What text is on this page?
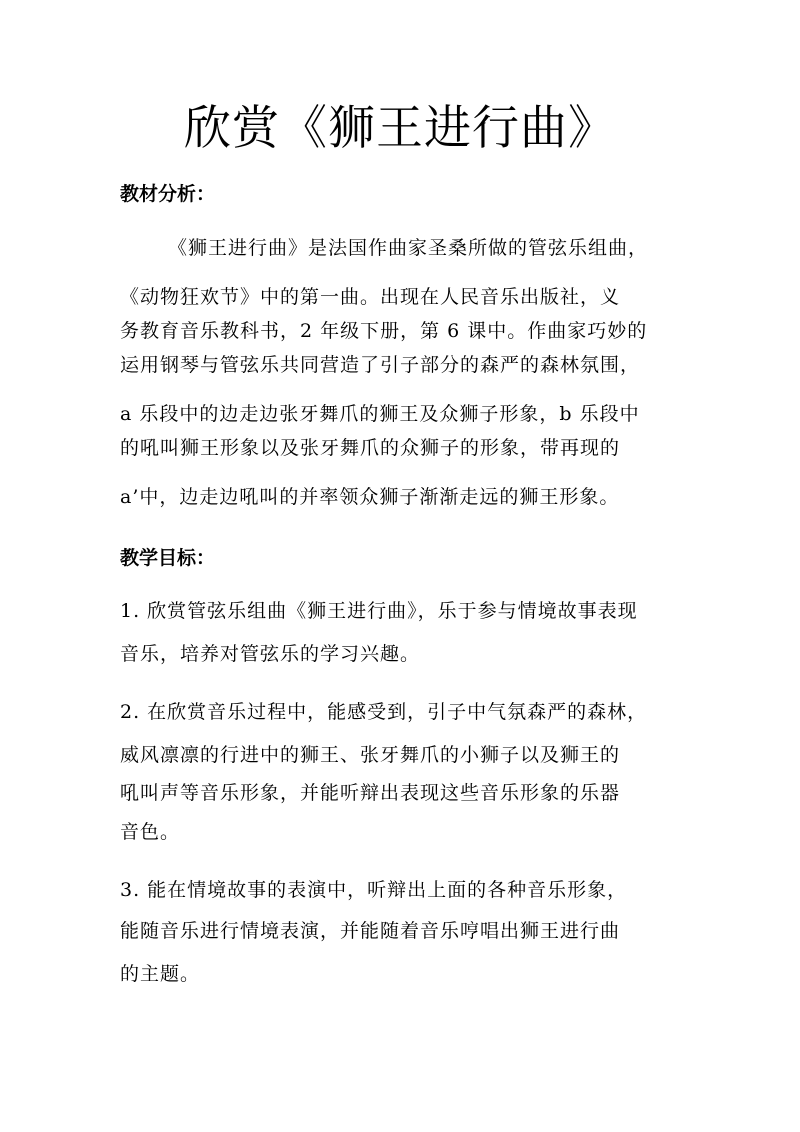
欣赏《狮王进行曲》
教材分析：
《狮王进行曲》是法国作曲家圣桑所做的管弦乐组曲，
《动物狂欢节》中的第一曲。出现在人民音乐出版社，义
务教育音乐教科书，2 年级下册，第 6 课中。作曲家巧妙的
运用钢琴与管弦乐共同营造了引子部分的森严的森林氛围，
a 乐段中的边走边张牙舞爪的狮王及众狮子形象，b 乐段中
的吼叫狮王形象以及张牙舞爪的众狮子的形象，带再现的
a’中，边走边吼叫的并率领众狮子渐渐走远的狮王形象。
教学目标：
1. 欣赏管弦乐组曲《狮王进行曲》，乐于参与情境故事表现
音乐，培养对管弦乐的学习兴趣。
2. 在欣赏音乐过程中，能感受到，引子中气氛森严的森林，
威风凛凛的行进中的狮王、张牙舞爪的小狮子以及狮王的
吼叫声等音乐形象，并能听辩出表现这些音乐形象的乐器
音色。
3. 能在情境故事的表演中，听辩出上面的各种音乐形象，
能随音乐进行情境表演，并能随着音乐哼唱出狮王进行曲
的主题。
